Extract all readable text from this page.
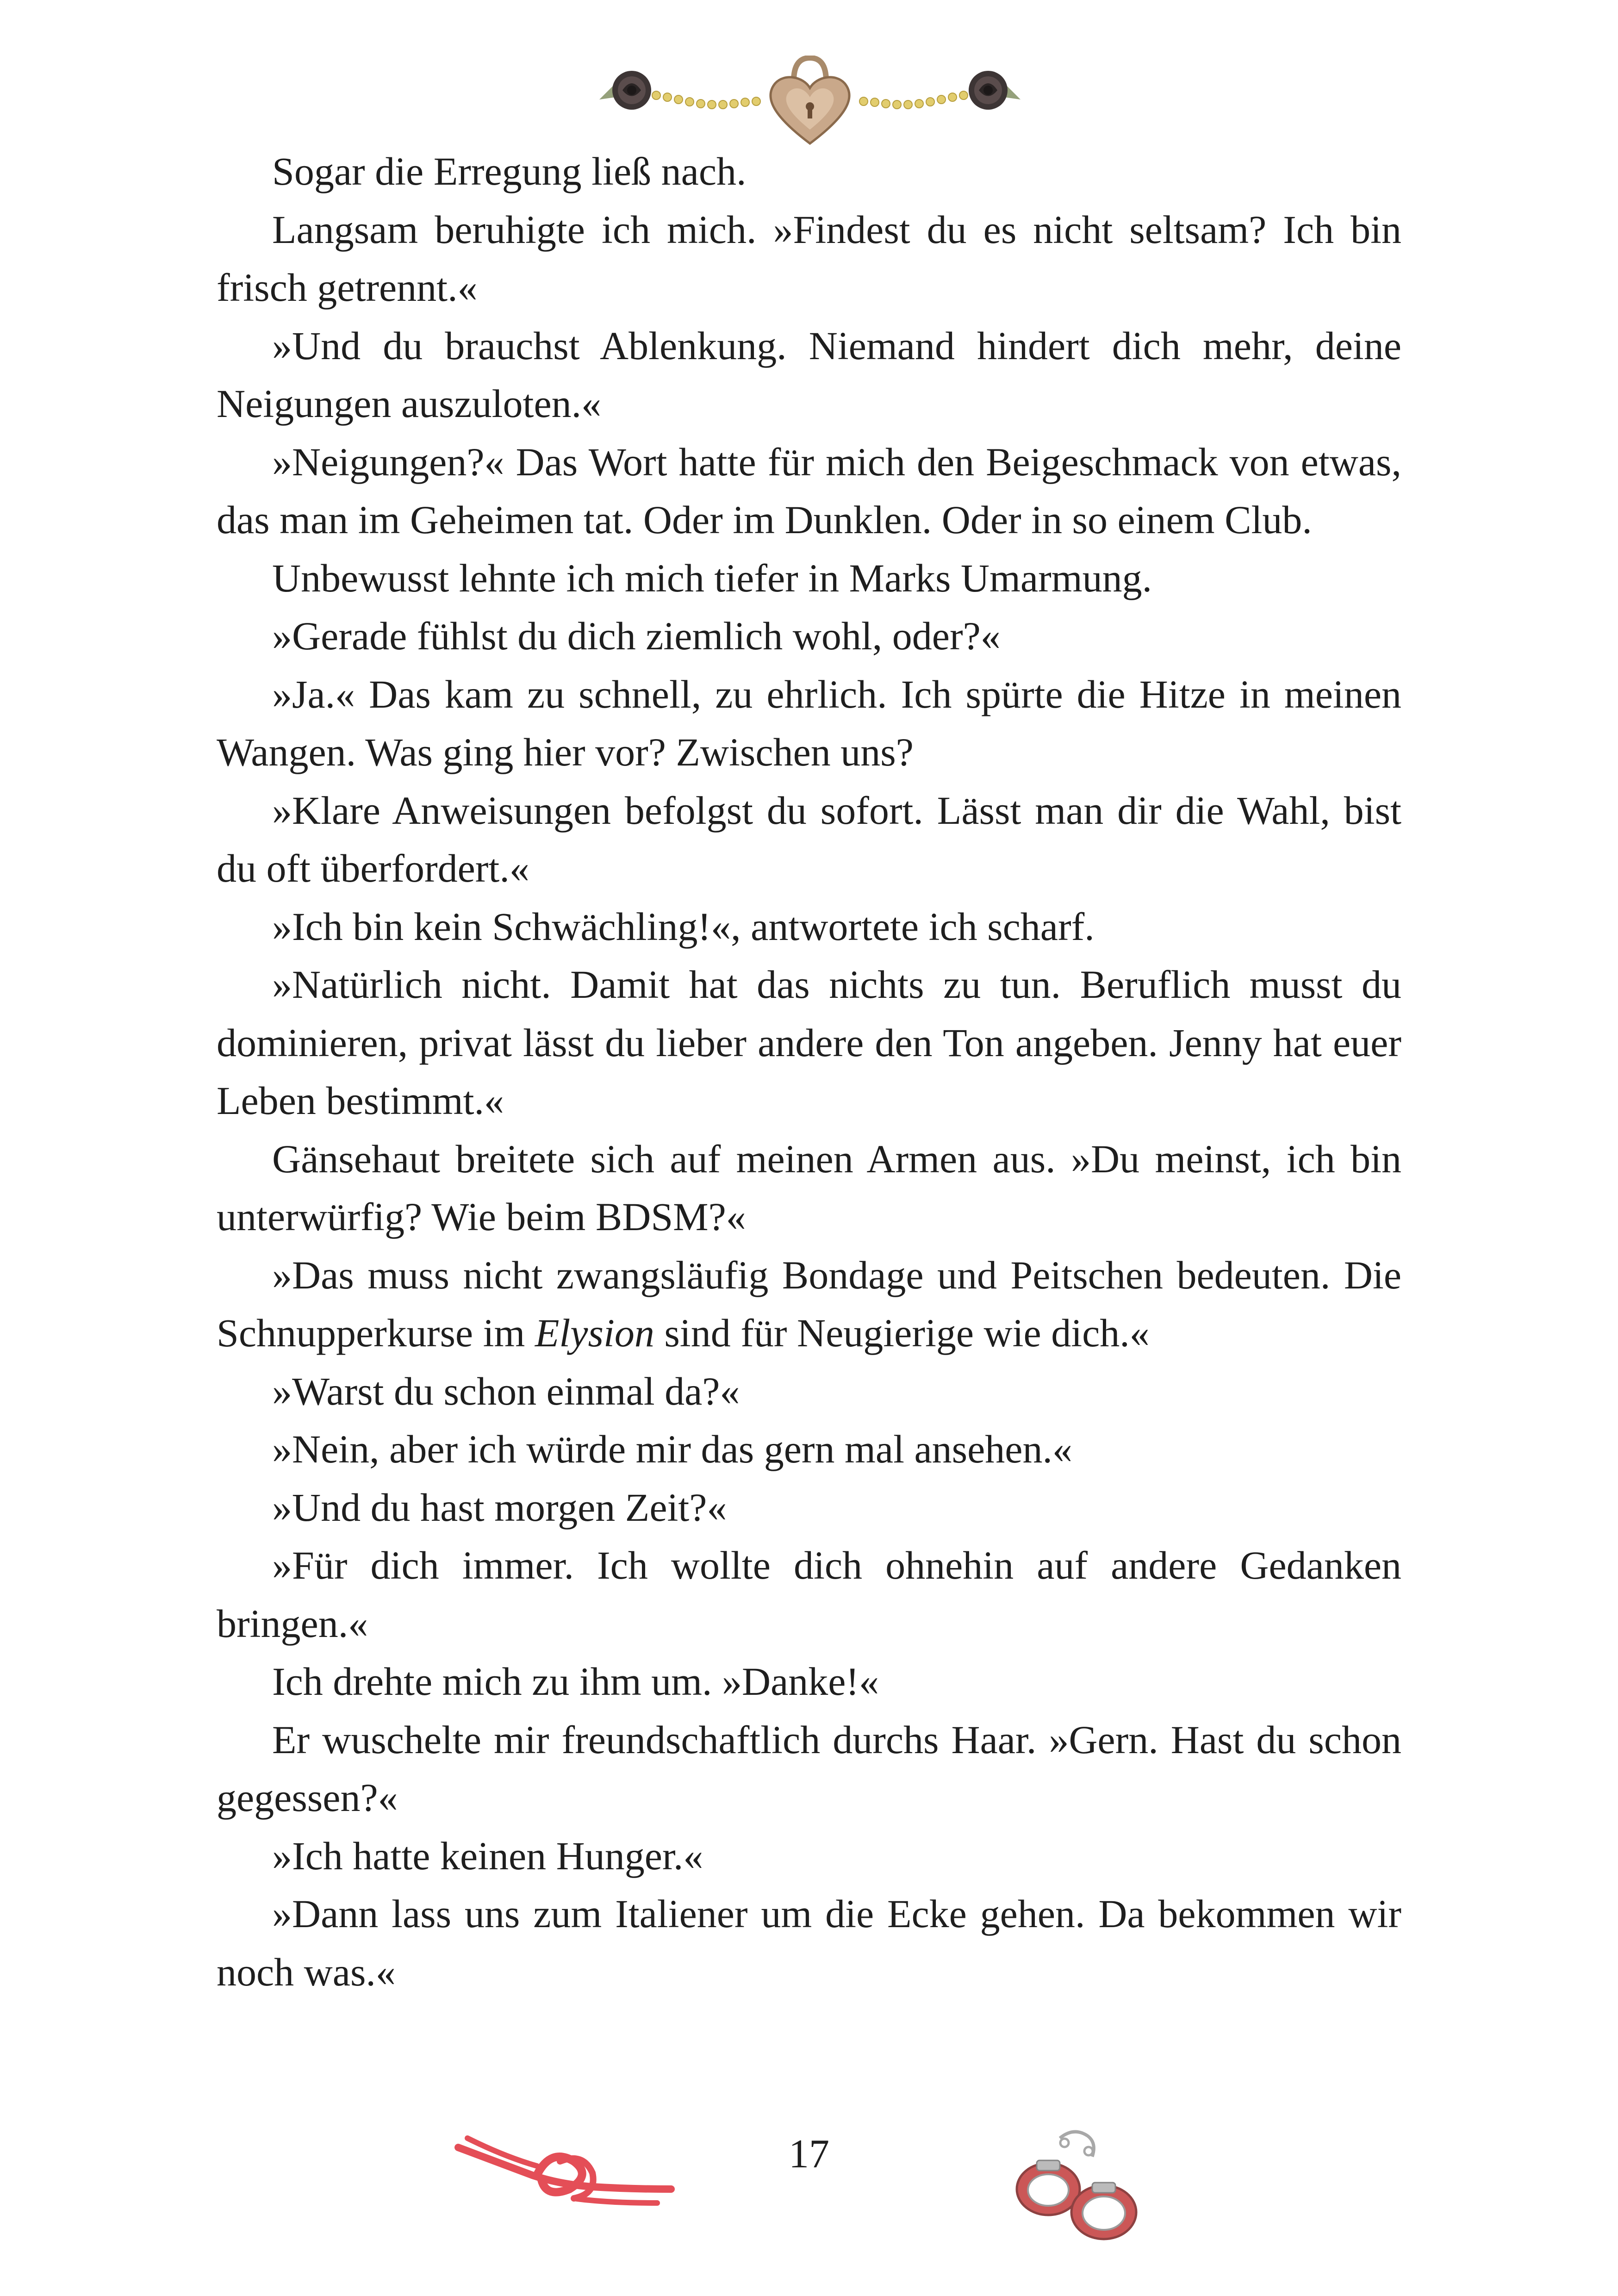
Sogar die Erregung ließ nach.

Langsam beruhigte ich mich. »Findest du es nicht seltsam? Ich bin frisch getrennt.«

»Und du brauchst Ablenkung. Niemand hindert dich mehr, deine Neigungen auszuloten.«

»Neigungen?« Das Wort hatte für mich den Beigeschmack von etwas, das man im Geheimen tat. Oder im Dunklen. Oder in so einem Club.

Unbewusst lehnte ich mich tiefer in Marks Umarmung.

»Gerade fühlst du dich ziemlich wohl, oder?«

»Ja.« Das kam zu schnell, zu ehrlich. Ich spürte die Hitze in meinen Wangen. Was ging hier vor? Zwischen uns?

»Klare Anweisungen befolgst du sofort. Lässt man dir die Wahl, bist du oft überfordert.«

»Ich bin kein Schwächling!«, antwortete ich scharf.

»Natürlich nicht. Damit hat das nichts zu tun. Beruflich musst du dominieren, privat lässt du lieber andere den Ton angeben. Jenny hat euer Leben bestimmt.«

Gänsehaut breitete sich auf meinen Armen aus. »Du meinst, ich bin unterwürfig? Wie beim BDSM?«

»Das muss nicht zwangsläufig Bondage und Peitschen bedeuten. Die Schnupperkurse im Elysion sind für Neugierige wie dich.«

»Warst du schon einmal da?«

»Nein, aber ich würde mir das gern mal ansehen.«

»Und du hast morgen Zeit?«

»Für dich immer. Ich wollte dich ohnehin auf andere Gedanken bringen.«

Ich drehte mich zu ihm um. »Danke!«

Er wuschelte mir freundschaftlich durchs Haar. »Gern. Hast du schon gegessen?«

»Ich hatte keinen Hunger.«

»Dann lass uns zum Italiener um die Ecke gehen. Da bekommen wir noch was.«

17
